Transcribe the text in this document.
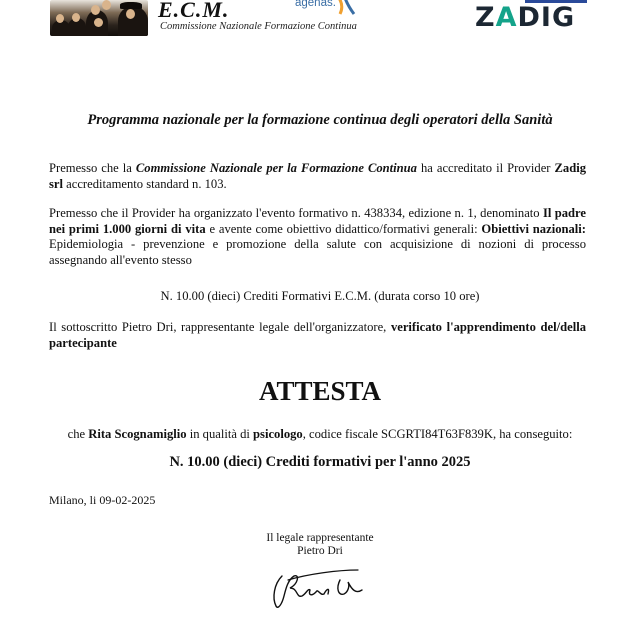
E.C.M.
Commissione Nazionale Formazione Continua
agenas.	ZADIG
Programma nazionale per la formazione continua degli operatori della Sanità
Premesso che la Commissione Nazionale per la Formazione Continua ha accreditato il Provider Zadig srl accreditamento standard n. 103.
Premesso che il Provider ha organizzato l'evento formativo n. 438334, edizione n. 1, denominato Il padre nei primi 1.000 giorni di vita e avente come obiettivo didattico/formativi generali: Obiettivi nazionali: Epidemiologia - prevenzione e promozione della salute con acquisizione di nozioni di processo assegnando all'evento stesso
N. 10.00 (dieci) Crediti Formativi E.C.M. (durata corso 10 ore)
Il sottoscritto Pietro Dri, rappresentante legale dell'organizzatore, verificato l'apprendimento del/della partecipante
ATTESTA
che Rita Scognamiglio in qualità di psicologo, codice fiscale SCGRTI84T63F839K, ha conseguito:
N. 10.00 (dieci) Crediti formativi per l'anno 2025
Milano, li 09-02-2025
Il legale rappresentante
Pietro Dri
